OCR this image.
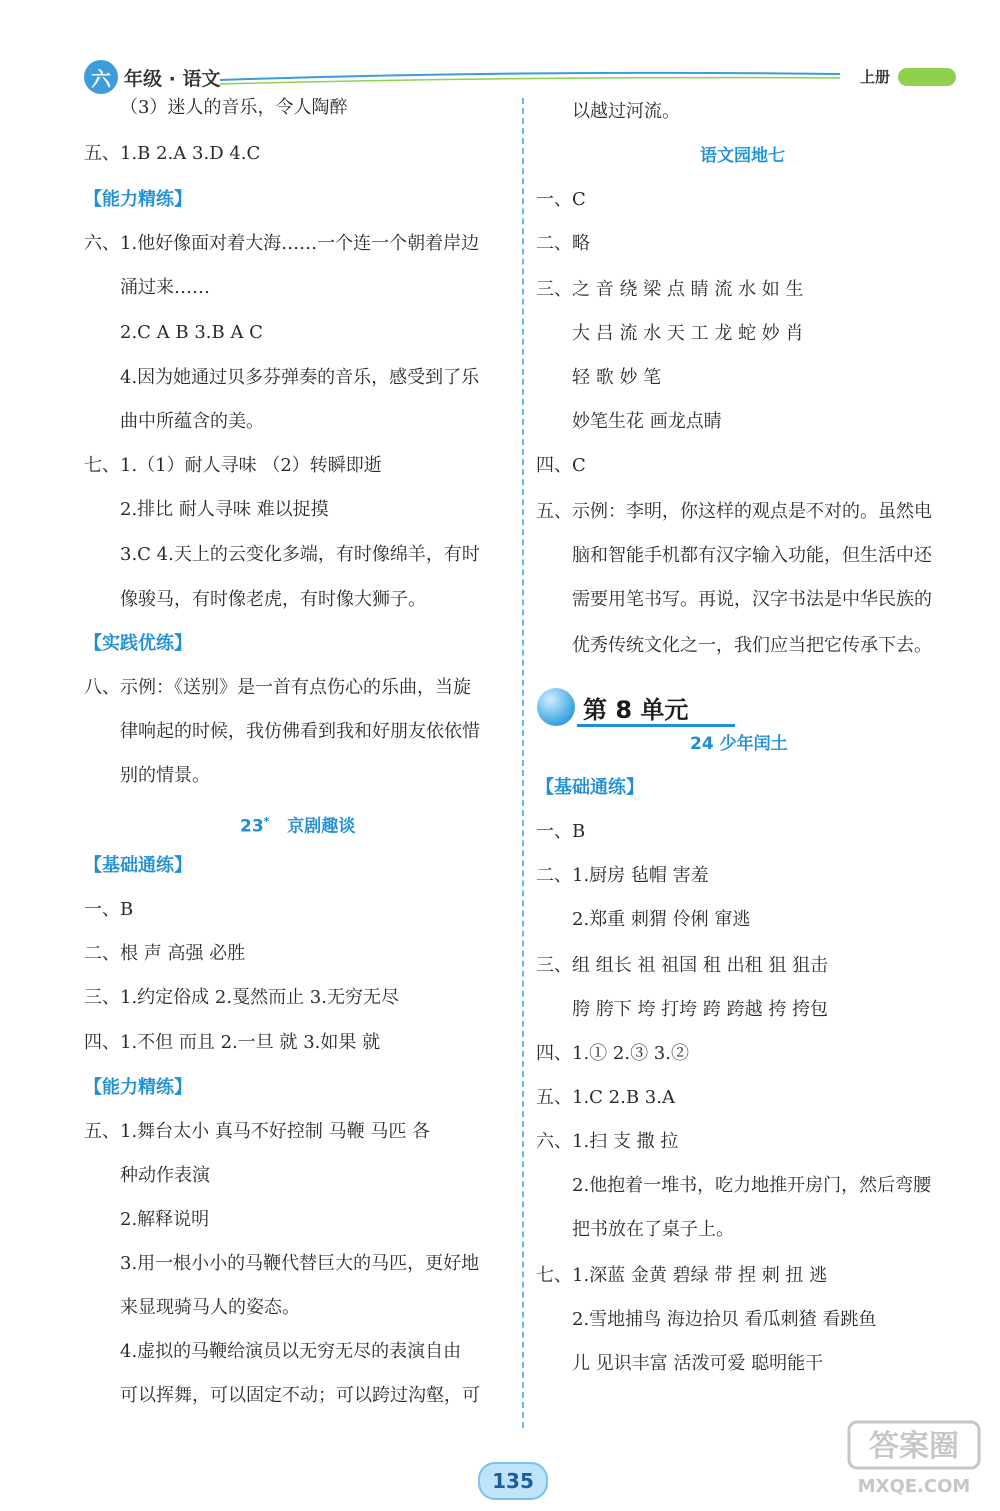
六 年级 · 语文	上册
（3）迷人的音乐，令人陶醉
五、1.B 2.A 3.D 4.C
【能力精练】
六、1.他好像面对着大海……一个连一个朝着岸边
涌过来……
2.C A B 3.B A C
4.因为她通过贝多芬弹奏的音乐，感受到了乐
曲中所蕴含的美。
七、1.（1）耐人寻味 （2）转瞬即逝
2.排比 耐人寻味 难以捉摸
3.C 4.天上的云变化多端，有时像绵羊，有时
像骏马，有时像老虎，有时像大狮子。
【实践优练】
八、示例：《送别》是一首有点伤心的乐曲，当旋
律响起的时候，我仿佛看到我和好朋友依依惜
别的情景。
23* 京剧趣谈
【基础通练】
一、B
二、根 声 高强 必胜
三、1.约定俗成 2.戛然而止 3.无穷无尽
四、1.不但 而且 2.一旦 就 3.如果 就
【能力精练】
五、1.舞台太小 真马不好控制 马鞭 马匹 各
种动作表演
2.解释说明
3.用一根小小的马鞭代替巨大的马匹，更好地
来显现骑马人的姿态。
4.虚拟的马鞭给演员以无穷无尽的表演自由
可以挥舞，可以固定不动；可以跨过沟壑，可
以越过河流。
语文园地七
一、C
二、略
三、之 音 绕 梁 点 睛 流 水 如 生
大 吕 流 水 天 工 龙 蛇 妙 肖
轻 歌 妙 笔
妙笔生花 画龙点睛
四、C
五、示例：李明，你这样的观点是不对的。虽然电
脑和智能手机都有汉字输入功能，但生活中还
需要用笔书写。再说，汉字书法是中华民族的
优秀传统文化之一，我们应当把它传承下去。
第 8 单元
24 少年闰土
【基础通练】
一、B
二、1.厨房 毡帽 害羞
2.郑重 刺猬 伶俐 窜逃
三、组 组长 祖 祖国 租 出租 狙 狙击
胯 胯下 垮 打垮 跨 跨越 挎 挎包
四、1.① 2.③ 3.②
五、1.C 2.B 3.A
六、1.扫 支 撒 拉
2.他抱着一堆书，吃力地推开房门，然后弯腰
把书放在了桌子上。
七、1.深蓝 金黄 碧绿 带 捏 刺 扭 逃
2.雪地捕鸟 海边拾贝 看瓜刺猹 看跳鱼
儿 见识丰富 活泼可爱 聪明能干
135
答案圈
MXQE.COM
